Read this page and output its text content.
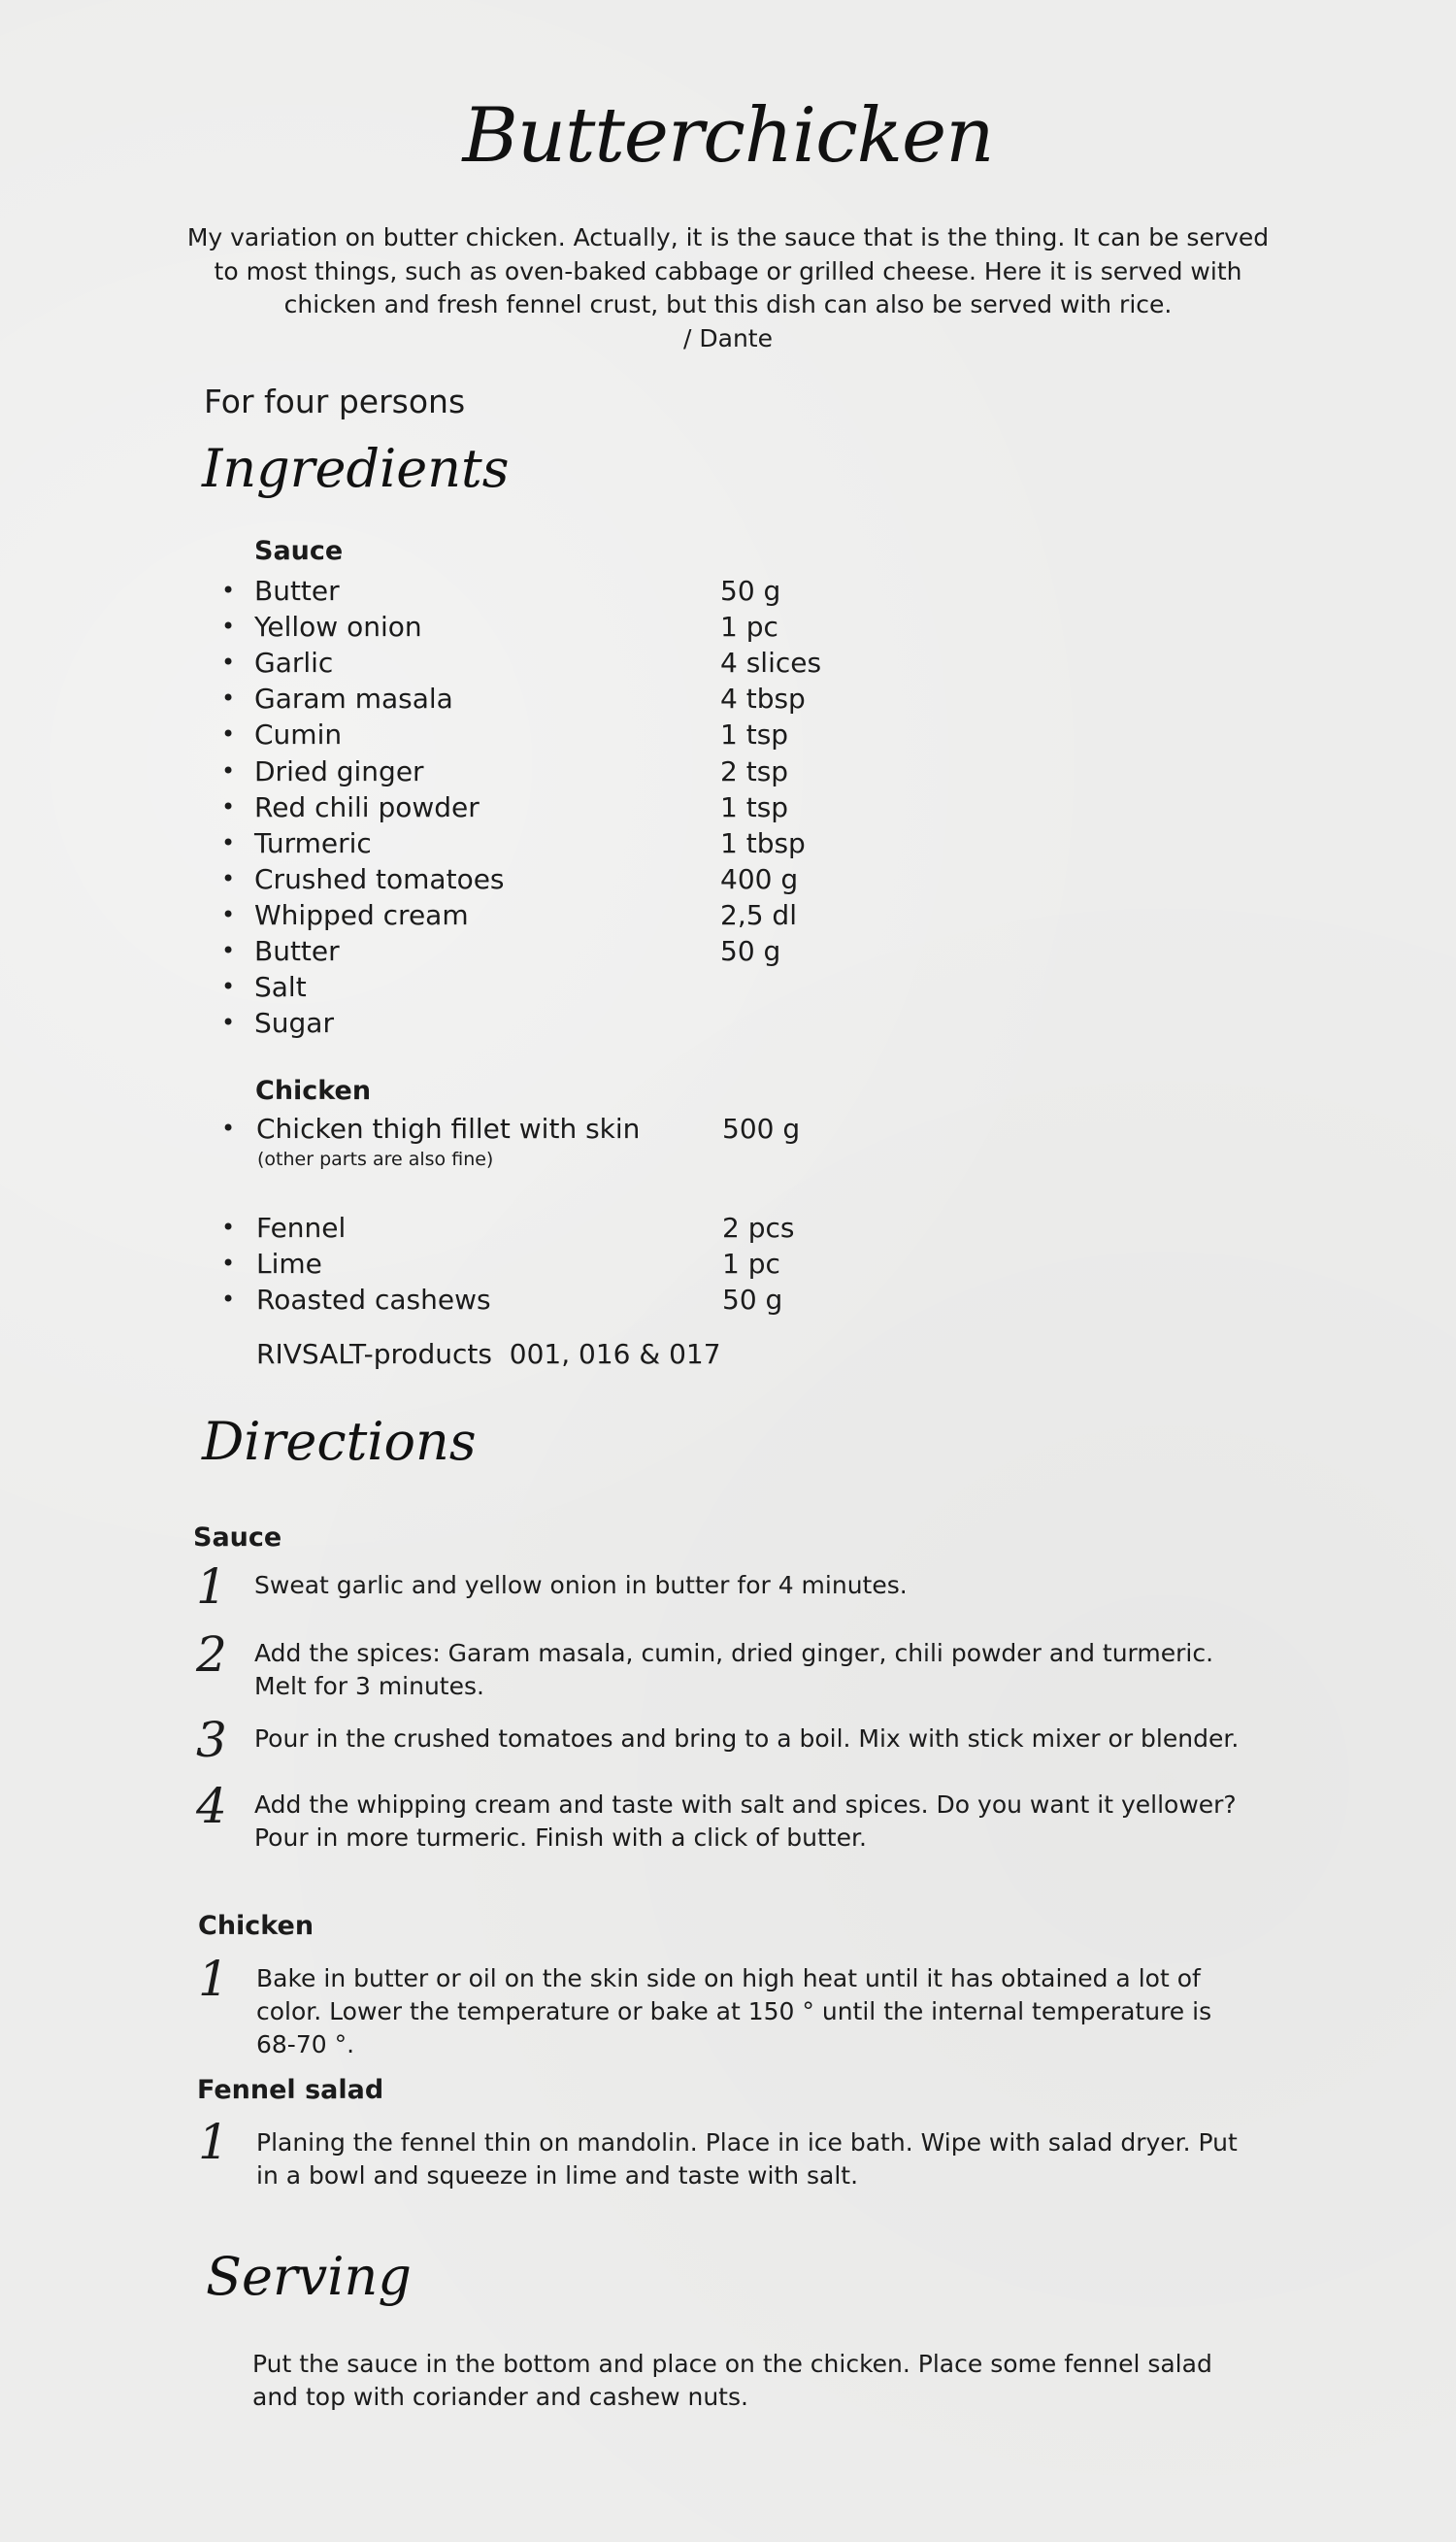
Butterchicken
My variation on butter chicken. Actually, it is the sauce that is the thing. It can be served to most things, such as oven-baked cabbage or grilled cheese. Here it is served with chicken and fresh fennel crust, but this dish can also be served with rice.
/ Dante
For four persons
Ingredients
Sauce
• Butter	50 g
• Yellow onion	1 pc
• Garlic	4 slices
• Garam masala	4 tbsp
• Cumin	1 tsp
• Dried ginger	2 tsp
• Red chili powder	1 tsp
• Turmeric	1 tbsp
• Crushed tomatoes	400 g
• Whipped cream	2,5 dl
• Butter	50 g
• Salt
• Sugar
Chicken
• Chicken thigh fillet with skin	500 g
(other parts are also fine)
• Fennel	2 pcs
• Lime	1 pc
• Roasted cashews	50 g
RIVSALT-products  001, 016 & 017
Directions
Sauce
1 Sweat garlic and yellow onion in butter for 4 minutes.
2 Add the spices: Garam masala, cumin, dried ginger, chili powder and turmeric. Melt for 3 minutes.
3 Pour in the crushed tomatoes and bring to a boil. Mix with stick mixer or blender.
4 Add the whipping cream and taste with salt and spices. Do you want it yellower? Pour in more turmeric. Finish with a click of butter.
Chicken
1 Bake in butter or oil on the skin side on high heat until it has obtained a lot of color. Lower the temperature or bake at 150 ° until the internal temperature is 68-70 °.
Fennel salad
1 Planing the fennel thin on mandolin. Place in ice bath. Wipe with salad dryer. Put in a bowl and squeeze in lime and taste with salt.
Serving
Put the sauce in the bottom and place on the chicken. Place some fennel salad and top with coriander and cashew nuts.
